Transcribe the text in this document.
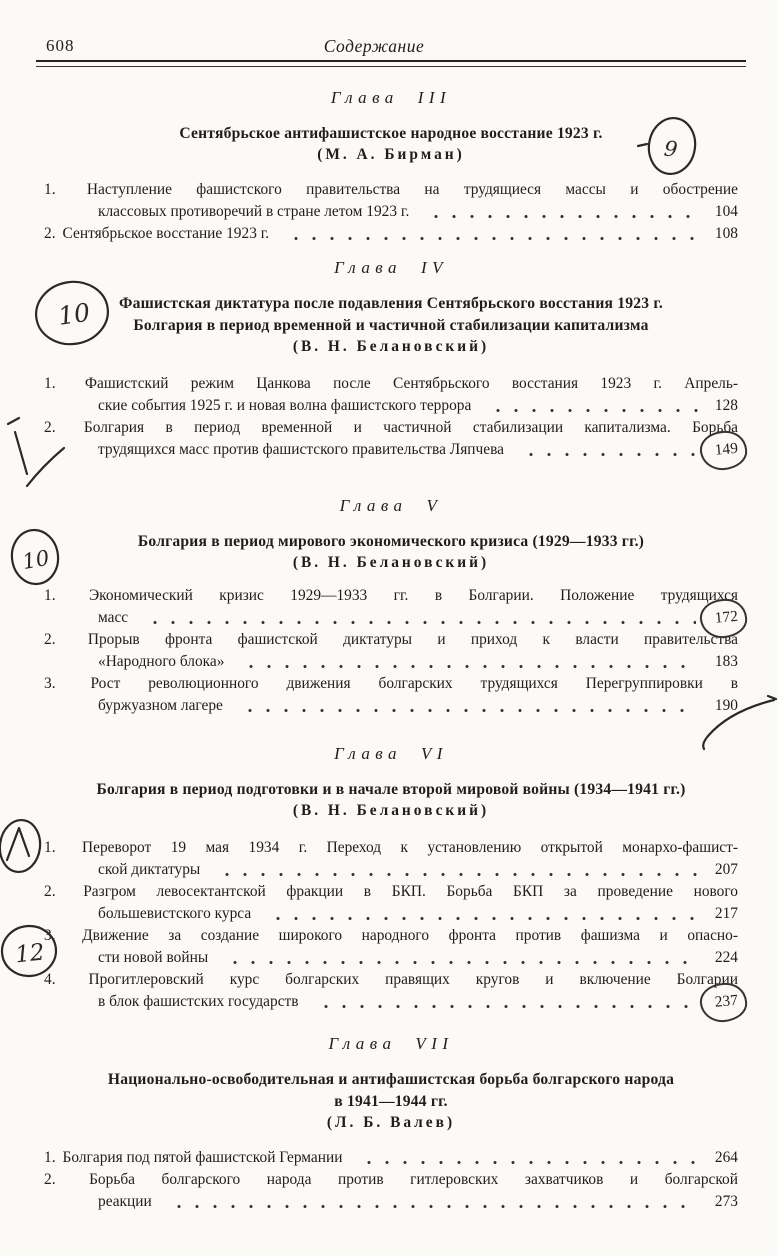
608	Содержание
Глава III
Сентябрьское антифашистское народное восстание 1923 г.
(М. А. Бирман)
1. Наступление фашистского правительства на трудящиеся массы и обострение
классовых противоречий в стране летом 1923 г.	104
2. Сентябрьское восстание 1923 г.	108
Глава IV
Фашистская диктатура после подавления Сентябрьского восстания 1923 г.
Болгария в период временной и частичной стабилизации капитализма
(В. Н. Белановский)
1. Фашистский режим Цанкова после Сентябрьского восстания 1923 г. Апрель-
ские события 1925 г. и новая волна фашистского террора	128
2. Болгария в период временной и частичной стабилизации капитализма. Борьба
трудящихся масс против фашистского правительства Ляпчева	149
Глава V
Болгария в период мирового экономического кризиса (1929—1933 гг.)
(В. Н. Белановский)
1. Экономический кризис 1929—1933 гг. в Болгарии. Положение трудящихся
масс	172
2. Прорыв фронта фашистской диктатуры и приход к власти правительства
«Народного блока»	183
3. Рост революционного движения болгарских трудящихся Перегруппировки в
буржуазном лагере	190
Глава VI
Болгария в период подготовки и в начале второй мировой войны (1934—1941 гг.)
(В. Н. Белановский)
1. Переворот 19 мая 1934 г. Переход к установлению открытой монархо-фашист-
ской диктатуры	207
2. Разгром левосектантской фракции в БКП. Борьба БКП за проведение нового
большевистского курса	217
3. Движение за создание широкого народного фронта против фашизма и опасно-
сти новой войны	224
4. Прогитлеровский курс болгарских правящих кругов и включение Болгарии
в блок фашистских государств	237
Глава VII
Национально-освободительная и антифашистская борьба болгарского народа
в 1941—1944 гг.
(Л. Б. Валев)
1. Болгария под пятой фашистской Германии	264
2. Борьба болгарского народа против гитлеровских захватчиков и болгарской
реакции	273
9
10
10
12
